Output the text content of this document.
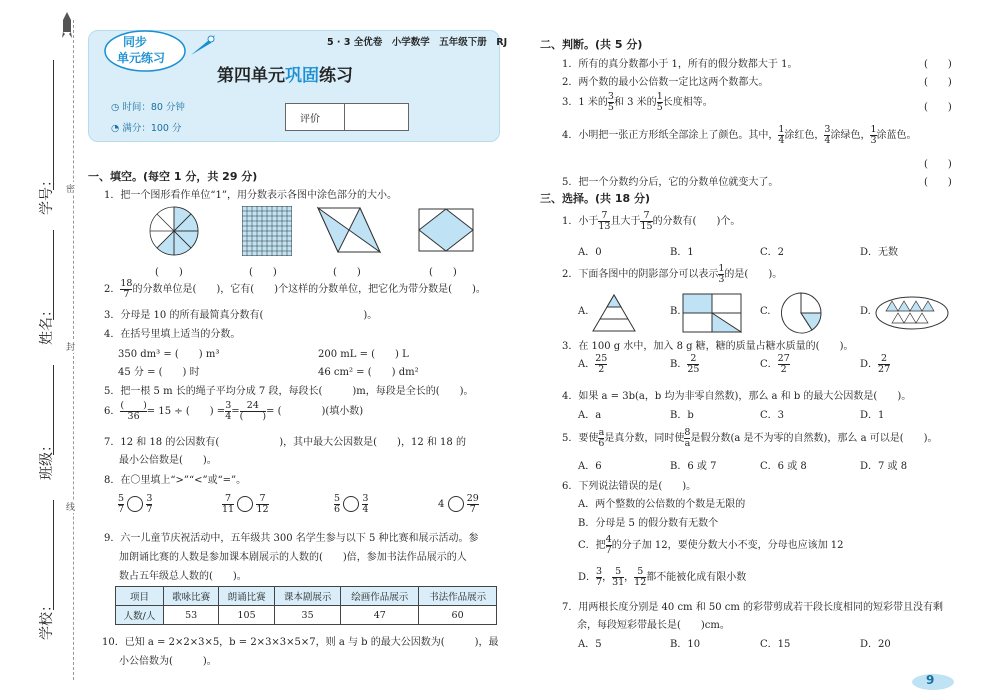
学号：
姓名：
班级：
学校：
密
封
线
同步
单元练习
5 · 3 全优卷　小学数学　五年级下册　RJ
第四单元巩固练习
◷ 时间：80 分钟
◔ 满分：100 分
评价
一、填空。(每空 1 分，共 29 分)
1．把一个图形看作单位“1”，用分数表示各图中涂色部分的大小。
(　　)	(　　)	(　　)	(　　)
2． $\frac{18}{7}$ 的分数单位是(　　)，它有(　　)个这样的分数单位，把它化为带分数是(　　)。
3．分母是 10 的所有最简真分数有(　　　　　　　　　　)。
4．在括号里填上适当的分数。
350 dm³ = (　　) m³	200 mL = (　　) L
45 分 = (　　) 时	46 cm² = (　　) dm²
5．把一根 5 m 长的绳子平均分成 7 段，每段长(　　　)m，每段是全长的(　　)。
6．
(　　)
36 = 15 ÷ (　　) = $\frac{3}{4}$ =
24
(　　) = (　　　　)(填小数)
7．12 和 18 的公因数有(　　　　　　)，其中最大公因数是(　　)，12 和 18 的
最小公倍数是(　　)。
8．在〇里填上“>”“<”或“=”。
$\frac{5}{7}$
$\frac{3}{7}$	$\frac{7}{11}$
$\frac{7}{12}$	$\frac{5}{6}$
$\frac{3}{4}$	$4 \frac{29}{7}$
9．六一儿童节庆祝活动中，五年级共 300 名学生参与以下 5 种比赛和展示活动。参
加朗诵比赛的人数是参加课本剧展示的人数的(　　)倍，参加书法作品展示的人
数占五年级总人数的(　　)。
项目	歌咏比赛	朗诵比赛	课本剧展示	绘画作品展示	书法作品展示
人数/人	53	105	35	47	60
10．已知 a = 2×2×3×5，b = 2×3×3×5×7，则 a 与 b 的最大公因数为(　　　)，最
小公倍数为(　　　)。
二、判断。(共 5 分)
1．所有的真分数都小于 1，所有的假分数都大于 1。	(　　)
2．两个数的最小公倍数一定比这两个数都大。	(　　)
3．1 米的 $\frac{3}{5}$ 和 3 米的 $\frac{1}{5}$ 长度相等。	(　　)
4．小明把一张正方形纸全部涂上了颜色。其中， $\frac{1}{4}$ 涂红色， $\frac{3}{4}$ 涂绿色， $\frac{1}{3}$ 涂蓝色。
(　　)
5．把一个分数约分后，它的分数单位就变大了。	(　　)
三、选择。(共 18 分)
1．小于 $\frac{7}{13}$ 且大于 $\frac{7}{15}$ 的分数有(　　)个。
A．0	B．1	C．2	D．无数
2．下面各图中的阴影部分可以表示 $\frac{1}{3}$ 的是(　　)。
A.	B.	C.	D.
3．在 100 g 水中，加入 8 g 糖，糖的质量占糖水质量的(　　)。
A． $\frac{25}{2}$	B． $\frac{2}{25}$	C． $\frac{27}{2}$	D． $\frac{2}{27}$
4．如果 a = 3b(a，b 均为非零自然数)，那么 a 和 b 的最大公因数是(　　)。
A．a	B．b	C．3	D．1
5．要使 $\frac{a}{6}$ 是真分数，同时使 $\frac{8}{a}$ 是假分数(a 是不为零的自然数)，那么 a 可以是(　　)。
A．6	B．6 或 7	C．6 或 8	D．7 或 8
6．下列说法错误的是(　　)。
A．两个整数的公倍数的个数是无限的
B．分母是 5 的假分数有无数个
C．把 $\frac{4}{7}$ 的分子加 12，要使分数大小不变，分母也应该加 12
D． $\frac{3}{7}$ ， $\frac{5}{31}$ ， $\frac{5}{12}$ 都不能被化成有限小数
7．用两根长度分别是 40 cm 和 50 cm 的彩带剪成若干段长度相同的短彩带且没有剩
余，每段短彩带最长是(　　)cm。
A．5	B．10	C．15	D．20
9
